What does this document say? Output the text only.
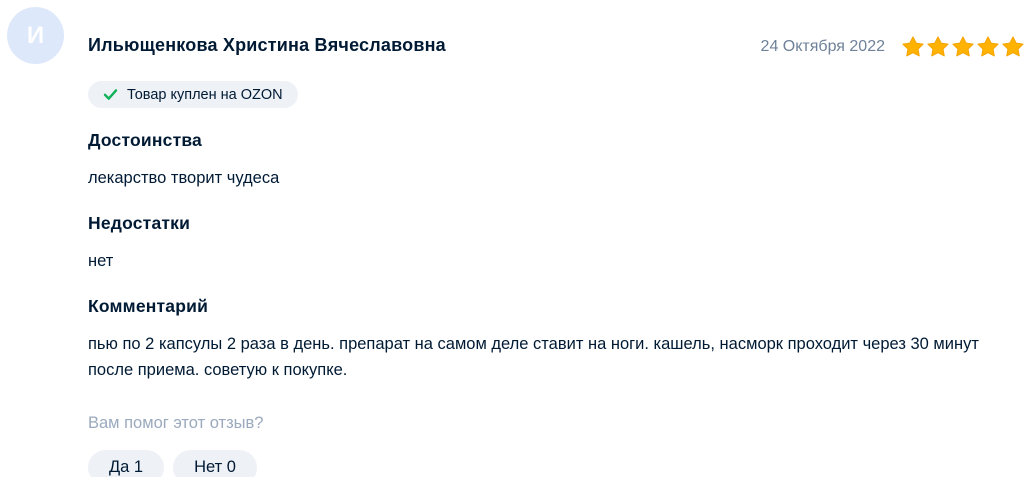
И Ильющенкова Христина Вячеславовна	24 Октября 2022
Товар куплен на OZON
Достоинства
лекарство творит чудеса
Недостатки
нет
Комментарий
пью по 2 капсулы 2 раза в день. препарат на самом деле ставит на ноги. кашель, насморк проходит через 30 минут после приема. советую к покупке.
Вам помог этот отзыв?
Да 1	Нет 0
